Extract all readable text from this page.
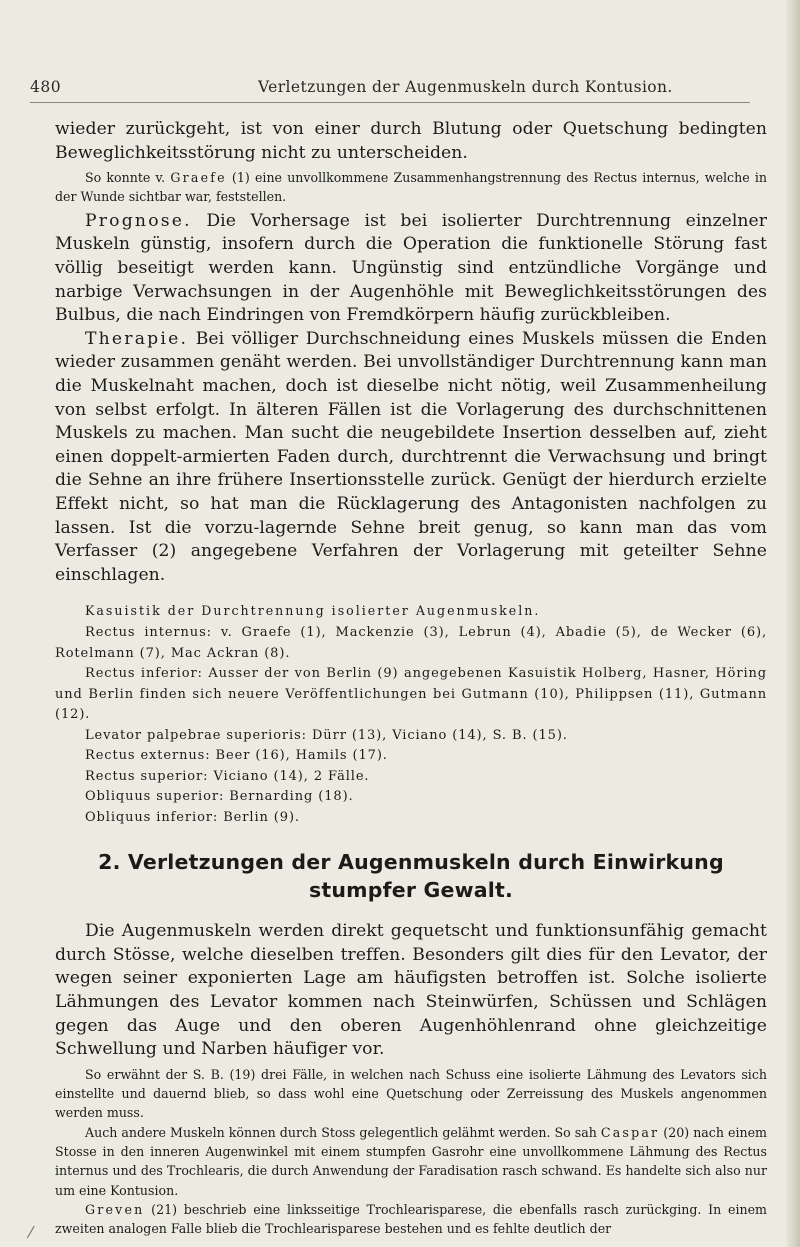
480	Verletzungen der Augenmuskeln durch Kontusion.

wieder zurückgeht, ist von einer durch Blutung oder Quetschung bedingten Beweglichkeitsstörung nicht zu unterscheiden.

So konnte v. Graefe (1) eine unvollkommene Zusammenhangstrennung des Rectus internus, welche in der Wunde sichtbar war, feststellen.

Prognose. Die Vorhersage ist bei isolierter Durchtrennung einzelner Muskeln günstig, insofern durch die Operation die funktionelle Störung fast völlig beseitigt werden kann. Ungünstig sind entzündliche Vorgänge und narbige Verwachsungen in der Augenhöhle mit Beweglichkeitsstörungen des Bulbus, die nach Eindringen von Fremdkörpern häufig zurückbleiben.

Therapie. Bei völliger Durchschneidung eines Muskels müssen die Enden wieder zusammen genäht werden. Bei unvollständiger Durchtrennung kann man die Muskelnaht machen, doch ist dieselbe nicht nötig, weil Zusammenheilung von selbst erfolgt. In älteren Fällen ist die Vorlagerung des durchschnittenen Muskels zu machen. Man sucht die neugebildete Insertion desselben auf, zieht einen doppelt-armierten Faden durch, durchtrennt die Verwachsung und bringt die Sehne an ihre frühere Insertionsstelle zurück. Genügt der hierdurch erzielte Effekt nicht, so hat man die Rücklagerung des Antagonisten nachfolgen zu lassen. Ist die vorzu-lagernde Sehne breit genug, so kann man das vom Verfasser (2) angegebene Verfahren der Vorlagerung mit geteilter Sehne einschlagen.

Kasuistik der Durchtrennung isolierter Augenmuskeln.

Rectus internus: v. Graefe (1), Mackenzie (3), Lebrun (4), Abadie (5), de Wecker (6), Rotelmann (7), Mac Ackran (8).

Rectus inferior: Ausser der von Berlin (9) angegebenen Kasuistik Holberg, Hasner, Höring und Berlin finden sich neuere Veröffentlichungen bei Gutmann (10), Philippsen (11), Gutmann (12).

Levator palpebrae superioris: Dürr (13), Viciano (14), S. B. (15).

Rectus externus: Beer (16), Hamils (17).

Rectus superior: Viciano (14), 2 Fälle.

Obliquus superior: Bernarding (18).

Obliquus inferior: Berlin (9).

2. Verletzungen der Augenmuskeln durch Einwirkung
stumpfer Gewalt.

Die Augenmuskeln werden direkt gequetscht und funktionsunfähig gemacht durch Stösse, welche dieselben treffen. Besonders gilt dies für den Levator, der wegen seiner exponierten Lage am häufigsten betroffen ist. Solche isolierte Lähmungen des Levator kommen nach Steinwürfen, Schüssen und Schlägen gegen das Auge und den oberen Augenhöhlenrand ohne gleichzeitige Schwellung und Narben häufiger vor.

So erwähnt der S. B. (19) drei Fälle, in welchen nach Schuss eine isolierte Lähmung des Levators sich einstellte und dauernd blieb, so dass wohl eine Quetschung oder Zerreissung des Muskels angenommen werden muss.

Auch andere Muskeln können durch Stoss gelegentlich gelähmt werden. So sah Caspar (20) nach einem Stosse in den inneren Augenwinkel mit einem stumpfen Gasrohr eine unvollkommene Lähmung des Rectus internus und des Trochlearis, die durch Anwendung der Faradisation rasch schwand. Es handelte sich also nur um eine Kontusion.

Greven (21) beschrieb eine linksseitige Trochlearisparese, die ebenfalls rasch zurückging. In einem zweiten analogen Falle blieb die Trochlearisparese bestehen und es fehlte deutlich der
